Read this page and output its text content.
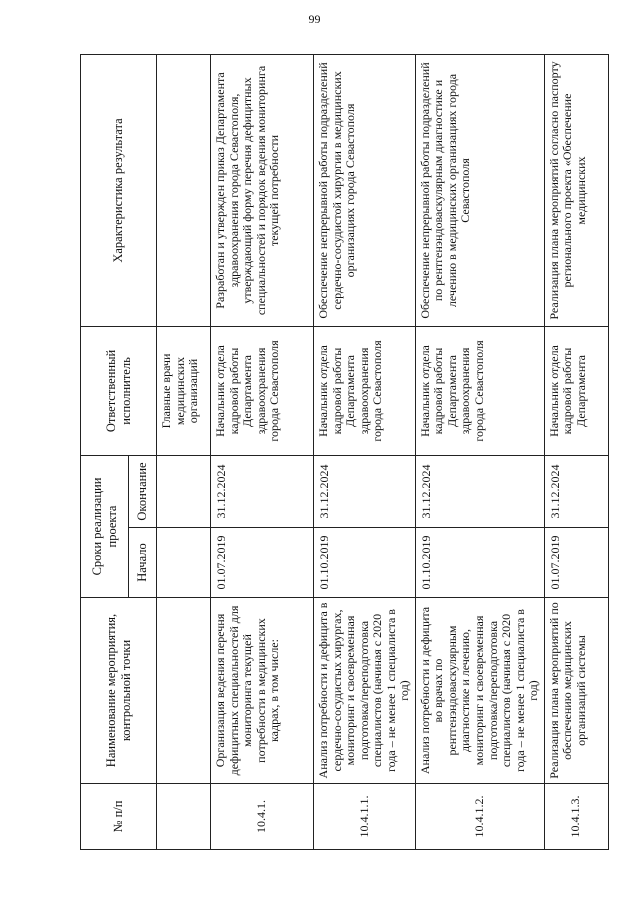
99
№ п/п	Наименование мероприятия, контрольной точки	Сроки реализации проекта		Ответственный исполнитель	Характеристика результата
		Начало	Окончание		
				Главные врачи медицинских организаций	
10.4.1.	Организация ведения перечня дефицитных специальностей для мониторинга текущей потребности в медицинских кадрах, в том числе:	01.07.2019	31.12.2024	Начальник отдела кадровой работы Департамента здравоохранения города Севастополя	Разработан и утвержден приказ Департамента здравоохранения города Севастополя, утверждающий форму перечня дефицитных специальностей и порядок ведения мониторинга текущей потребности
10.4.1.1.	Анализ потребности и дефицита в сердечно-сосудистых хирургах, мониторинг и своевременная подготовка/переподготовка специалистов (начиная с 2020 года – не менее 1 специалиста в год)	01.10.2019	31.12.2024	Начальник отдела кадровой работы Департамента здравоохранения города Севастополя	Обеспечение непрерывной работы подразделений сердечно-сосудистой хирургии в медицинских организациях города Севастополя
10.4.1.2.	Анализ потребности и дефицита во врачах по рентгенэндоваскулярным диагностике и лечению, мониторинг и своевременная подготовка/переподготовка специалистов (начиная с 2020 года – не менее 1 специалиста в год)	01.10.2019	31.12.2024	Начальник отдела кадровой работы Департамента здравоохранения города Севастополя	Обеспечение непрерывной работы подразделений по рентгенэндоваскулярным диагностике и лечению в медицинских организациях города Севастополя
10.4.1.3.	Реализация плана мероприятий по обеспечению медицинских организаций системы	01.07.2019	31.12.2024	Начальник отдела кадровой работы Департамента	Реализация плана мероприятий согласно паспорту регионального проекта «Обеспечение медицинских
